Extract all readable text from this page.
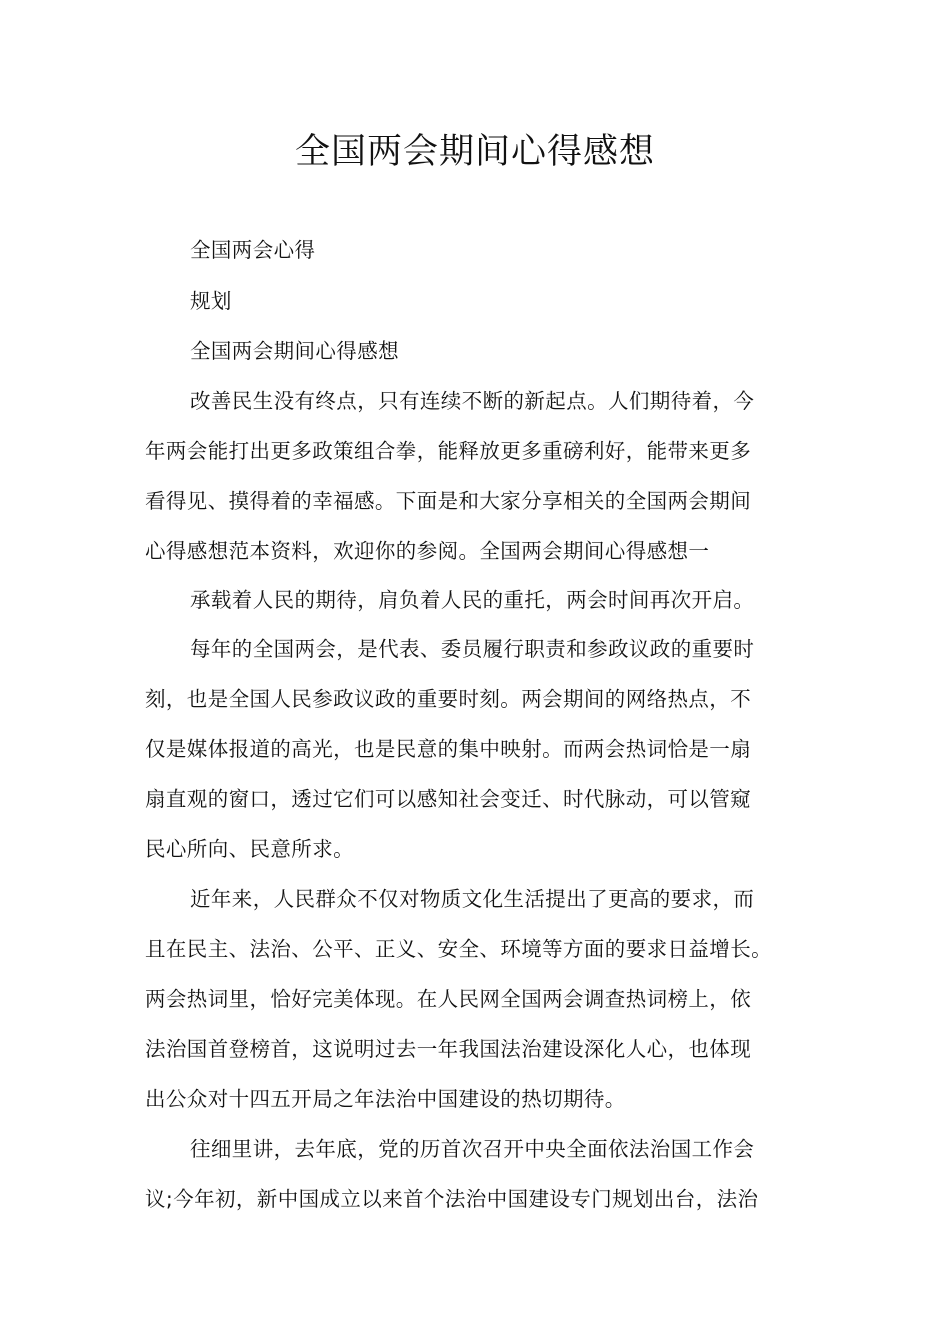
全国两会期间心得感想
全国两会心得
规划
全国两会期间心得感想
改善民生没有终点，只有连续不断的新起点。人们期待着，今
年两会能打出更多政策组合拳，能释放更多重磅利好，能带来更多
看得见、摸得着的幸福感。下面是和大家分享相关的全国两会期间
心得感想范本资料，欢迎你的参阅。全国两会期间心得感想一
承载着人民的期待，肩负着人民的重托，两会时间再次开启。
每年的全国两会，是代表、委员履行职责和参政议政的重要时
刻，也是全国人民参政议政的重要时刻。两会期间的网络热点，不
仅是媒体报道的高光，也是民意的集中映射。而两会热词恰是一扇
扇直观的窗口，透过它们可以感知社会变迁、时代脉动，可以管窥
民心所向、民意所求。
近年来，人民群众不仅对物质文化生活提出了更高的要求，而
且在民主、法治、公平、正义、安全、环境等方面的要求日益增长。
两会热词里，恰好完美体现。在人民网全国两会调查热词榜上，依
法治国首登榜首，这说明过去一年我国法治建设深化人心，也体现
出公众对十四五开局之年法治中国建设的热切期待。
往细里讲，去年底，党的历首次召开中央全面依法治国工作会
议;今年初，新中国成立以来首个法治中国建设专门规划出台，法治
